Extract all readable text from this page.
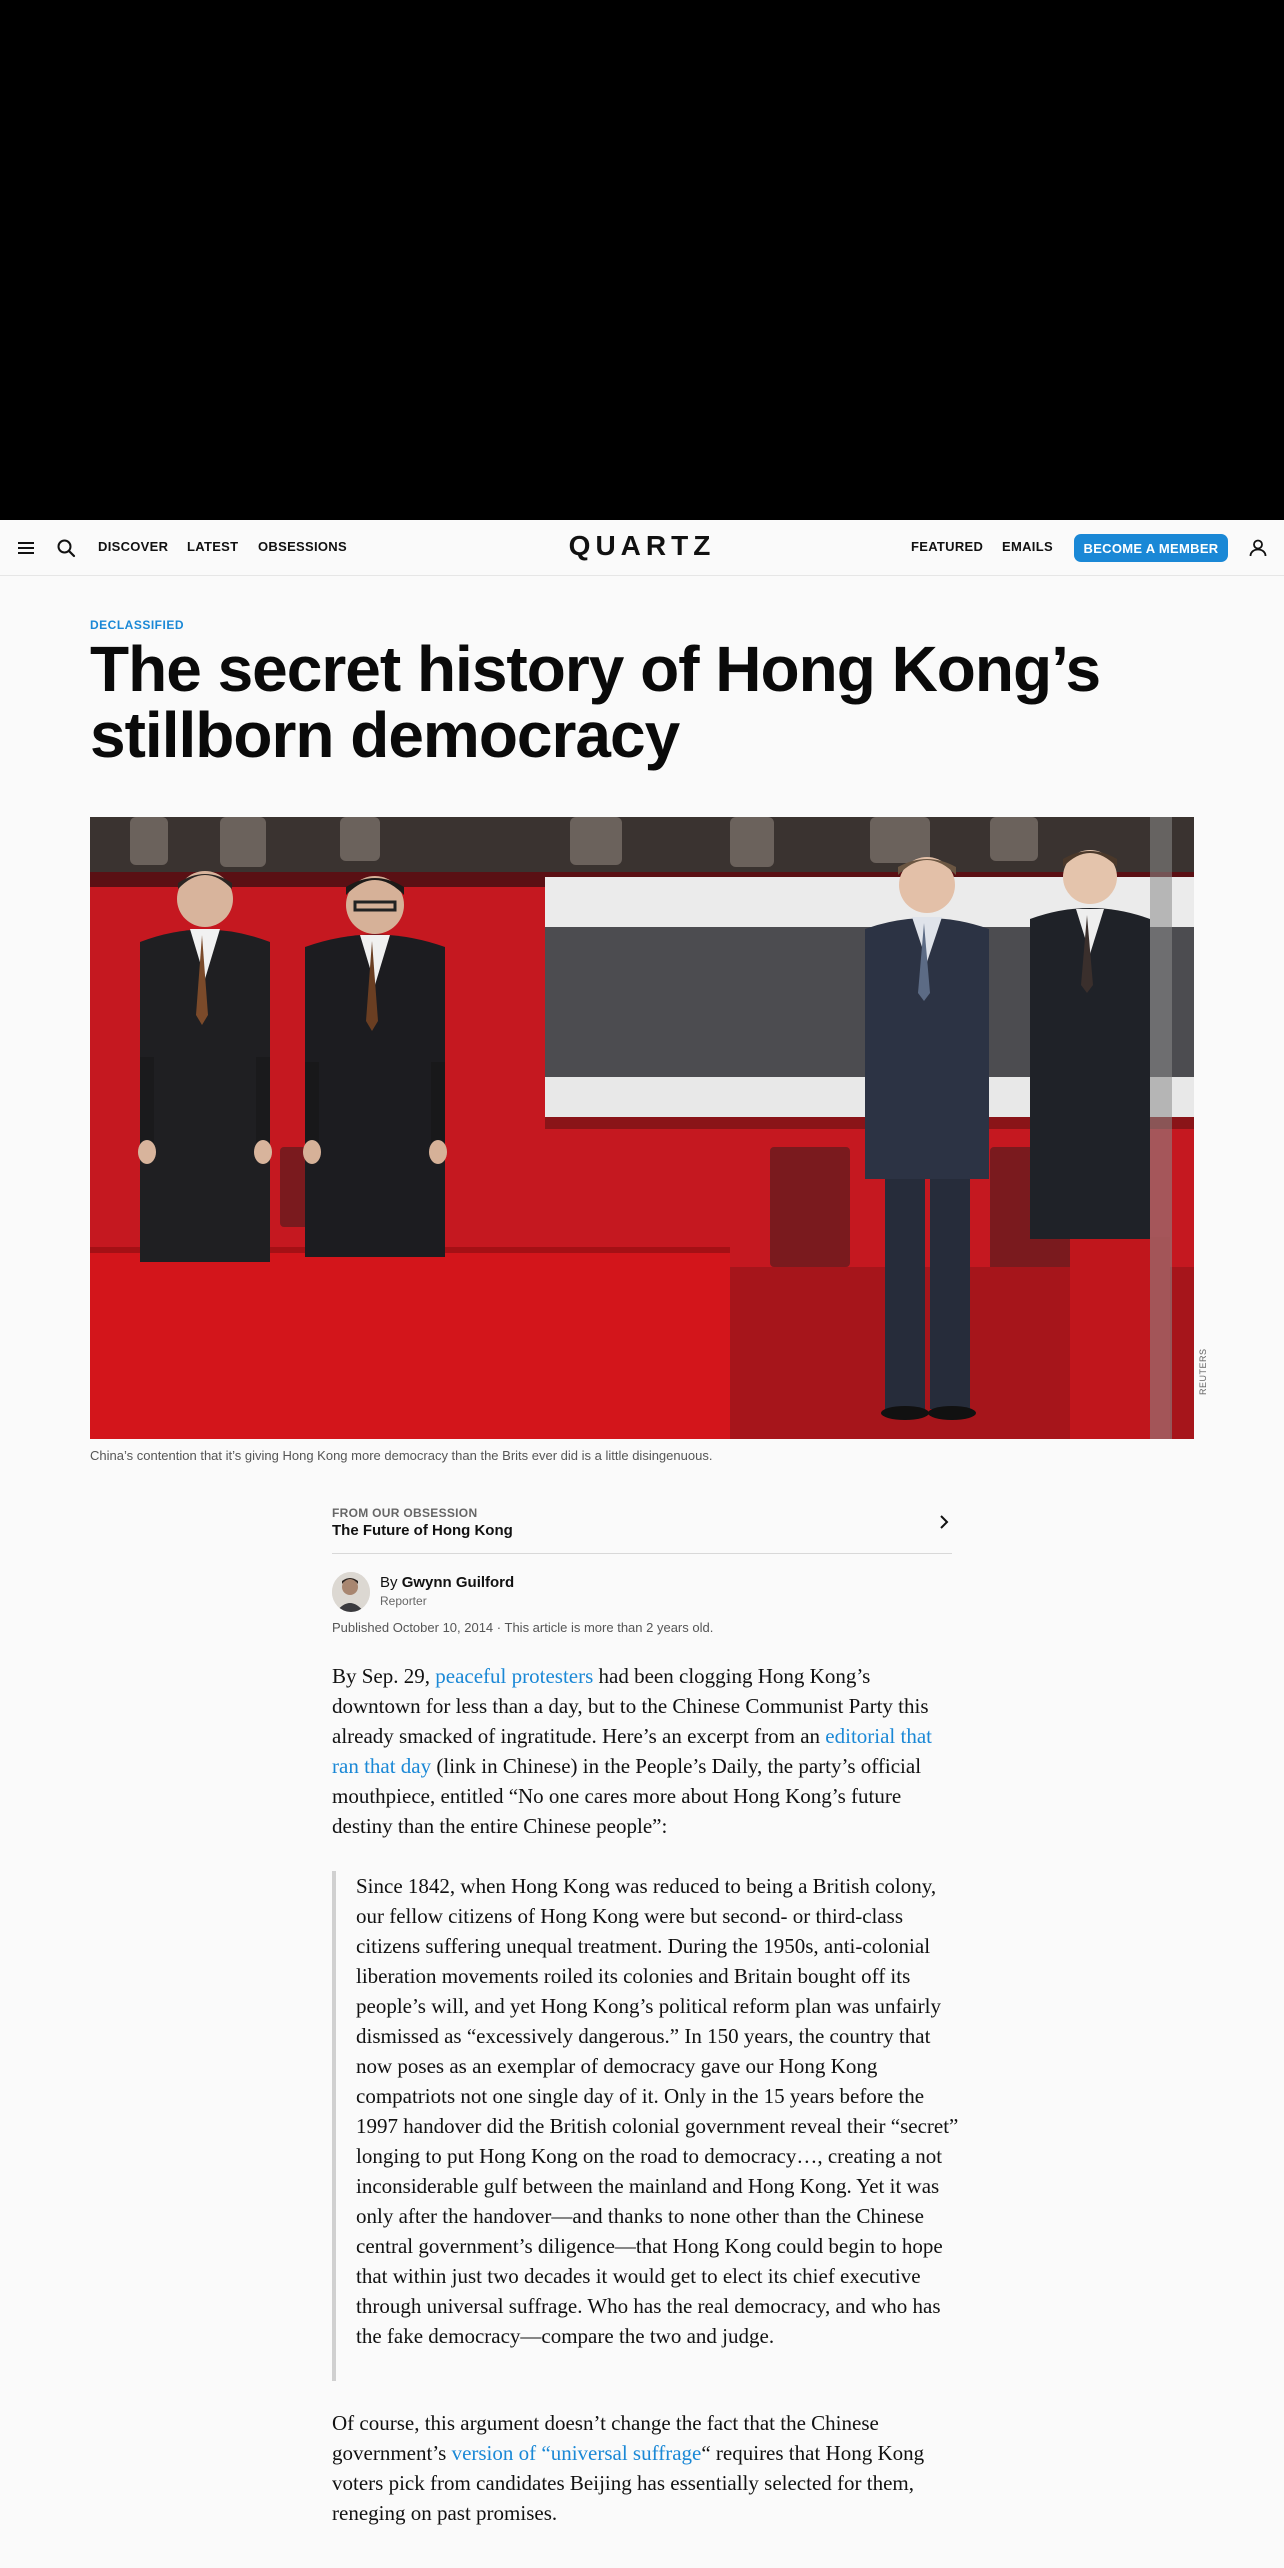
DISCOVER LATEST OBSESSIONS	QUARTZ	FEATURED EMAILS	BECOME A MEMBER
DECLASSIFIED
The secret history of Hong Kong’s stillborn democracy
REUTERS
China’s contention that it’s giving Hong Kong more democracy than the Brits ever did is a little disingenuous.
FROM OUR OBSESSION
The Future of Hong Kong
By Gwynn Guilford
Reporter
Published October 10, 2014 · This article is more than 2 years old.

By Sep. 29, peaceful protesters had been clogging Hong Kong’s downtown for less than a day, but to the Chinese Communist Party this already smacked of ingratitude. Here’s an excerpt from an editorial that ran that day (link in Chinese) in the People’s Daily, the party’s official mouthpiece, entitled “No one cares more about Hong Kong’s future destiny than the entire Chinese people”:

Since 1842, when Hong Kong was reduced to being a British colony, our fellow citizens of Hong Kong were but second- or third-class citizens suffering unequal treatment. During the 1950s, anti-colonial liberation movements roiled its colonies and Britain bought off its people’s will, and yet Hong Kong’s political reform plan was unfairly dismissed as “excessively dangerous.” In 150 years, the country that now poses as an exemplar of democracy gave our Hong Kong compatriots not one single day of it. Only in the 15 years before the 1997 handover did the British colonial government reveal their “secret” longing to put Hong Kong on the road to democracy…, creating a not inconsiderable gulf between the mainland and Hong Kong. Yet it was only after the handover—and thanks to none other than the Chinese central government’s diligence—that Hong Kong could begin to hope that within just two decades it would get to elect its chief executive through universal suffrage. Who has the real democracy, and who has the fake democracy—compare the two and judge.

Of course, this argument doesn’t change the fact that the Chinese government’s version of “universal suffrage“ requires that Hong Kong voters pick from candidates Beijing has essentially selected for them, reneging on past promises.
